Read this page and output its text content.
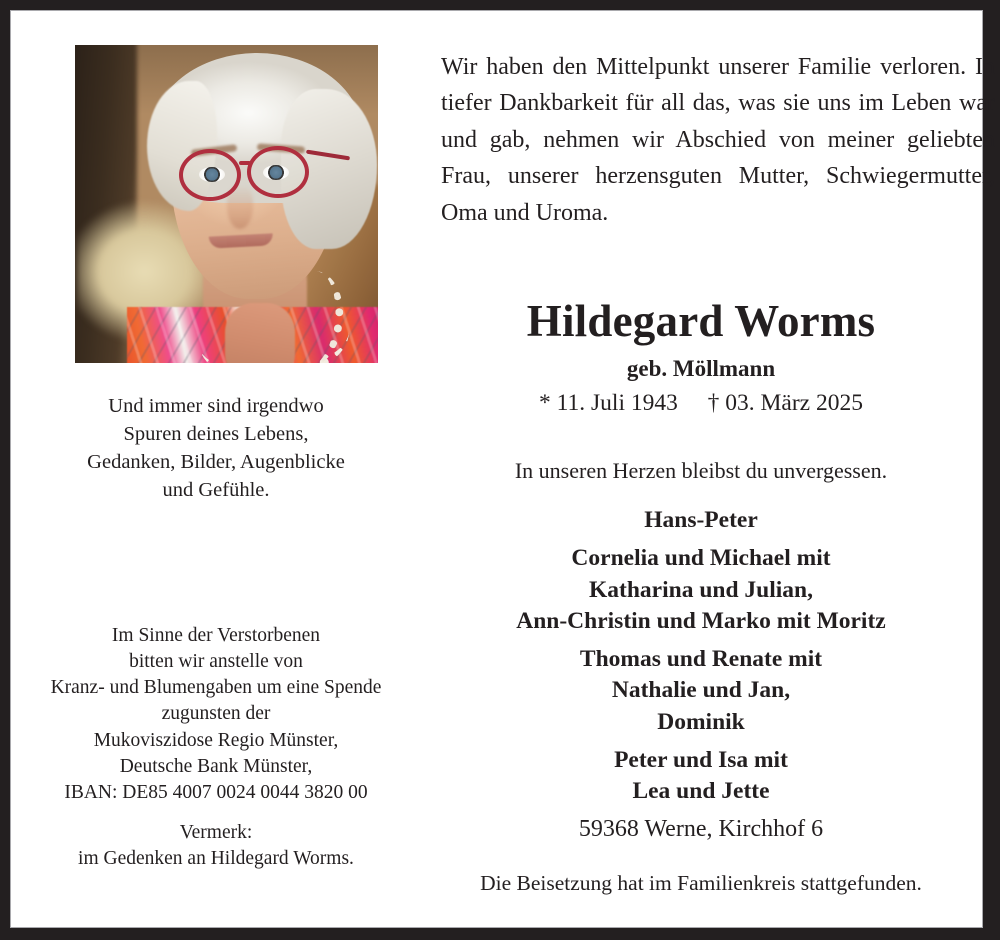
Und immer sind irgendwo
Spuren deines Lebens,
Gedanken, Bilder, Augenblicke
und Gefühle.
Im Sinne der Verstorbenen
bitten wir anstelle von
Kranz- und Blumengaben um eine Spende
zugunsten der
Mukoviszidose Regio Münster,
Deutsche Bank Münster,
IBAN: DE85 4007 0024 0044 3820 00
Vermerk:
im Gedenken an Hildegard Worms.
Wir haben den Mittelpunkt unserer Familie verloren. In tiefer Dankbarkeit für all das, was sie uns im Leben war und gab, nehmen wir Abschied von meiner geliebten Frau, unserer herzensguten Mutter, Schwiegermutter, Oma und Uroma.
Hildegard Worms
geb. Möllmann
* 11. Juli 1943 † 03. März 2025
In unseren Herzen bleibst du unvergessen.
Hans-Peter
Cornelia und Michael mit
Katharina und Julian,
Ann-Christin und Marko mit Moritz
Thomas und Renate mit
Nathalie und Jan,
Dominik
Peter und Isa mit
Lea und Jette
59368 Werne, Kirchhof 6
Die Beisetzung hat im Familienkreis stattgefunden.
